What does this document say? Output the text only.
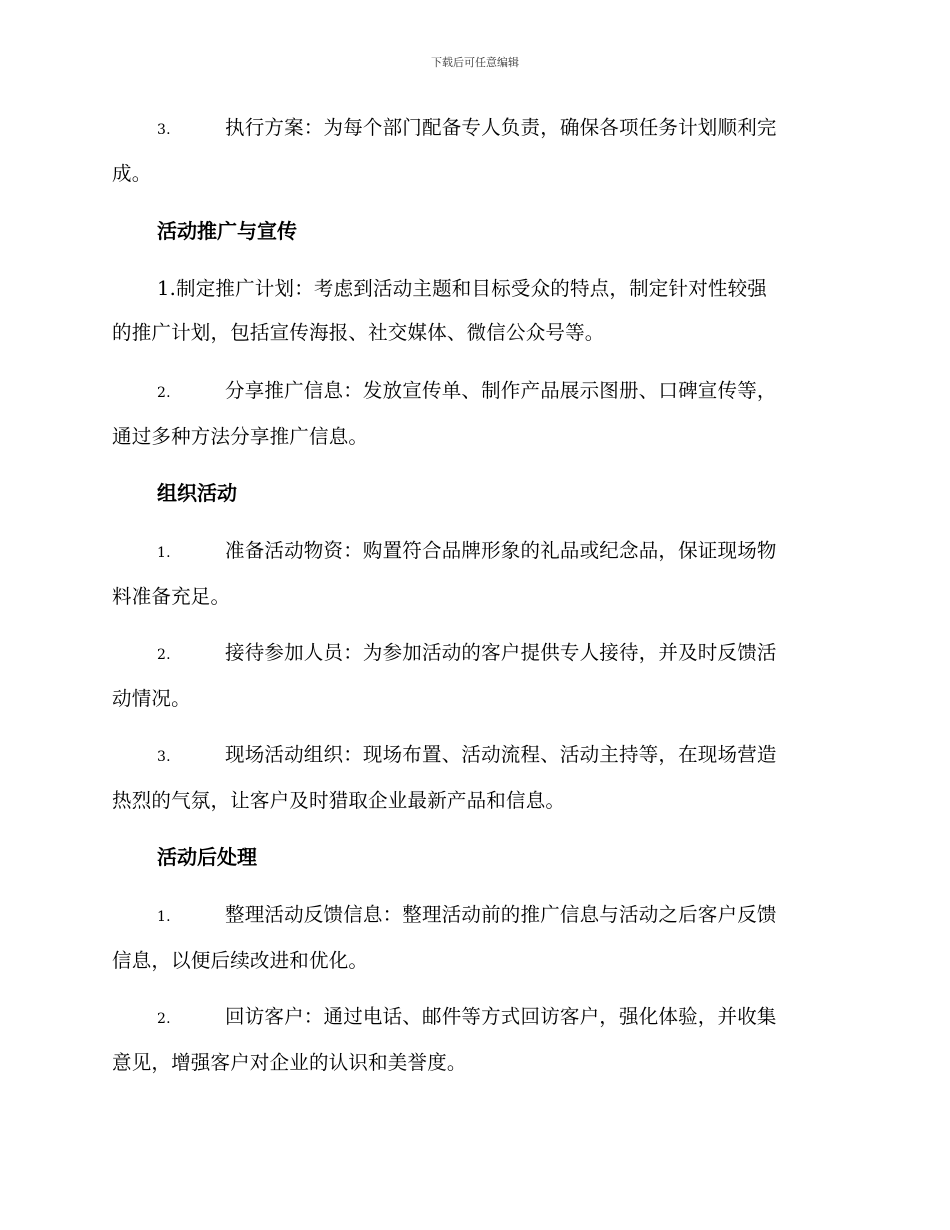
下载后可任意编辑
3.	执行方案：为每个部门配备专人负责，确保各项任务计划顺利完
成。
活动推广与宣传
1.制定推广计划：考虑到活动主题和目标受众的特点，制定针对性较强
的推广计划，包括宣传海报、社交媒体、微信公众号等。
2.	分享推广信息：发放宣传单、制作产品展示图册、口碑宣传等，
通过多种方法分享推广信息。
组织活动
1.	准备活动物资：购置符合品牌形象的礼品或纪念品，保证现场物
料准备充足。
2.	接待参加人员：为参加活动的客户提供专人接待，并及时反馈活
动情况。
3.	现场活动组织：现场布置、活动流程、活动主持等，在现场营造
热烈的气氛，让客户及时猎取企业最新产品和信息。
活动后处理
1.	整理活动反馈信息：整理活动前的推广信息与活动之后客户反馈
信息，以便后续改进和优化。
2.	回访客户：通过电话、邮件等方式回访客户，强化体验，并收集
意见，增强客户对企业的认识和美誉度。
